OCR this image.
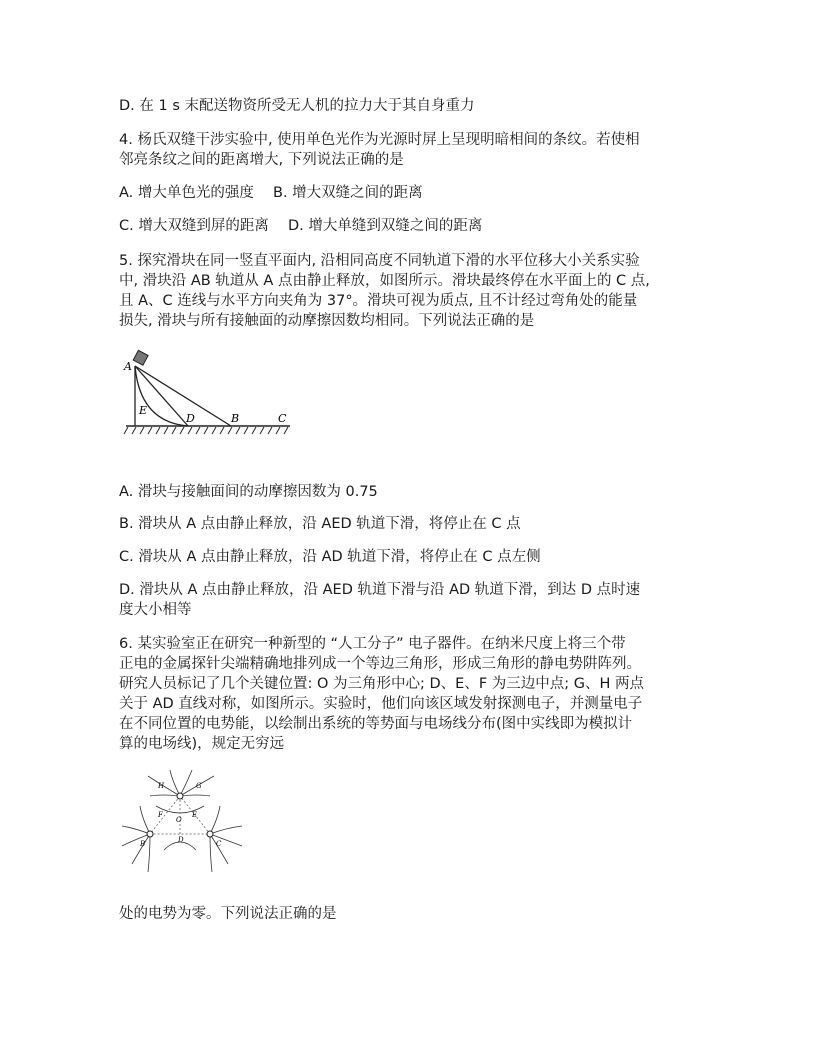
D. 在 1 s 末配送物资所受无人机的拉力大于其自身重力
4. 杨氏双缝干涉实验中, 使用单色光作为光源时屏上呈现明暗相间的条纹。若使相
邻亮条纹之间的距离增大, 下列说法正确的是
A. 增大单色光的强度　 B. 增大双缝之间的距离
C. 增大双缝到屏的距离　 D. 增大单缝到双缝之间的距离
5. 探究滑块在同一竖直平面内, 沿相同高度不同轨道下滑的水平位移大小关系实验
中, 滑块沿 AB 轨道从 A 点由静止释放，如图所示。滑块最终停在水平面上的 C 点,
且 A、C 连线与水平方向夹角为 37°。滑块可视为质点, 且不计经过弯角处的能量
损失, 滑块与所有接触面的动摩擦因数均相同。下列说法正确的是
A
E
D	B	C
A. 滑块与接触面间的动摩擦因数为 0.75
B. 滑块从 A 点由静止释放，沿 AED 轨道下滑，将停止在 C 点
C. 滑块从 A 点由静止释放，沿 AD 轨道下滑，将停止在 C 点左侧
D. 滑块从 A 点由静止释放，沿 AED 轨道下滑与沿 AD 轨道下滑，到达 D 点时速
度大小相等
6. 某实验室正在研究一种新型的 “人工分子” 电子器件。在纳米尺度上将三个带
正电的金属探针尖端精确地排列成一个等边三角形，形成三角形的静电势阱阵列。
研究人员标记了几个关键位置: O 为三角形中心; D、E、F 为三边中点; G、H 两点
关于 AD 直线对称，如图所示。实验时，他们向该区域发射探测电子，并测量电子
在不同位置的电势能，以绘制出系统的等势面与电场线分布(图中实线即为模拟计
算的电场线)，规定无穷远
H	G
F
O
E
D
B	C
处的电势为零。下列说法正确的是
